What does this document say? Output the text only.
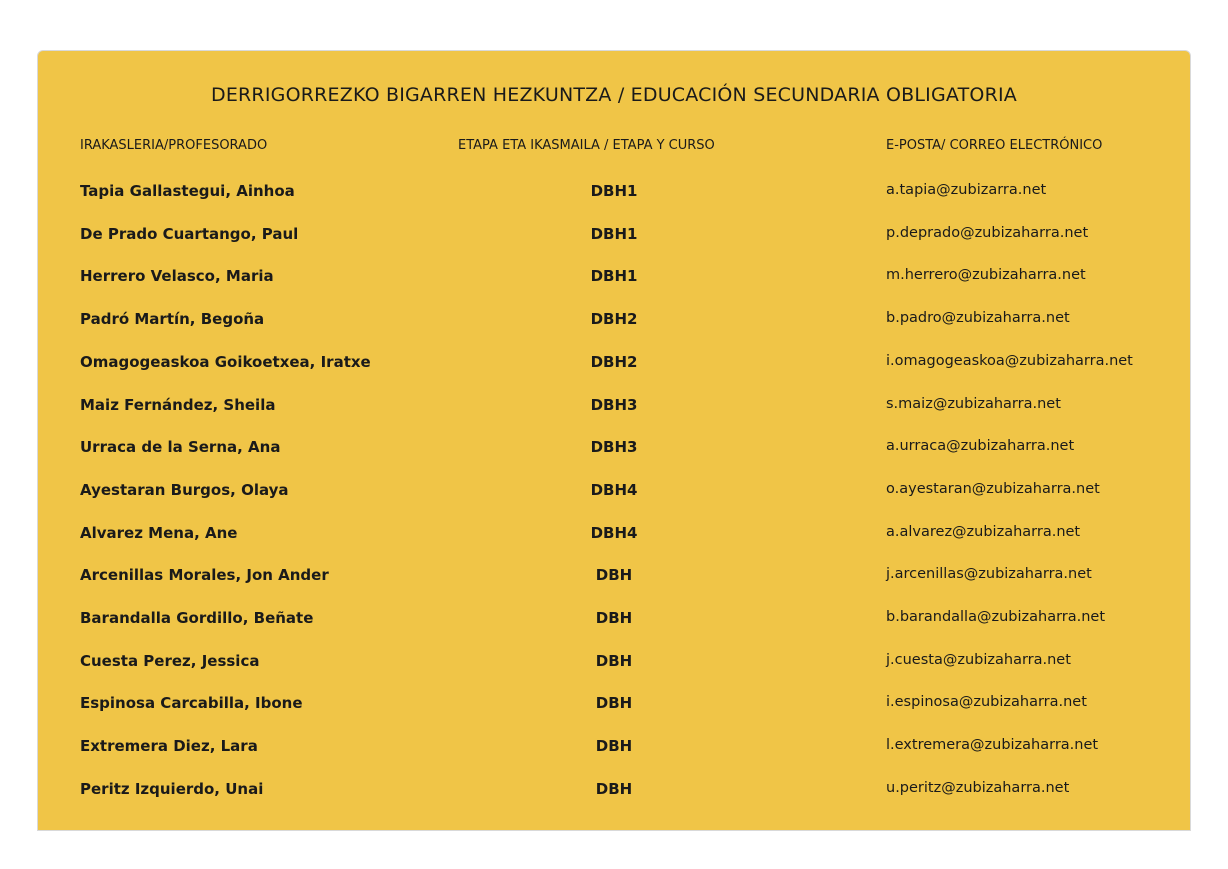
DERRIGORREZKO BIGARREN HEZKUNTZA / EDUCACIÓN SECUNDARIA OBLIGATORIA
IRAKASLERIA/PROFESORADO	ETAPA ETA IKASMAILA / ETAPA Y CURSO	E-POSTA/ CORREO ELECTRÓNICO
Tapia Gallastegui, Ainhoa	DBH1	a.tapia@zubizarra.net
De Prado Cuartango, Paul	DBH1	p.deprado@zubizaharra.net
Herrero Velasco, Maria	DBH1	m.herrero@zubizaharra.net
Padró Martín, Begoña	DBH2	b.padro@zubizaharra.net
Omagogeaskoa Goikoetxea, Iratxe	DBH2	i.omagogeaskoa@zubizaharra.net
Maiz Fernández, Sheila	DBH3	s.maiz@zubizaharra.net
Urraca de la Serna, Ana	DBH3	a.urraca@zubizaharra.net
Ayestaran Burgos, Olaya	DBH4	o.ayestaran@zubizaharra.net
Alvarez Mena, Ane	DBH4	a.alvarez@zubizaharra.net
Arcenillas Morales, Jon Ander	DBH	j.arcenillas@zubizaharra.net
Barandalla Gordillo, Beñate	DBH	b.barandalla@zubizaharra.net
Cuesta Perez, Jessica	DBH	j.cuesta@zubizaharra.net
Espinosa Carcabilla, Ibone	DBH	i.espinosa@zubizaharra.net
Extremera Diez, Lara	DBH	l.extremera@zubizaharra.net
Peritz Izquierdo, Unai	DBH	u.peritz@zubizaharra.net
